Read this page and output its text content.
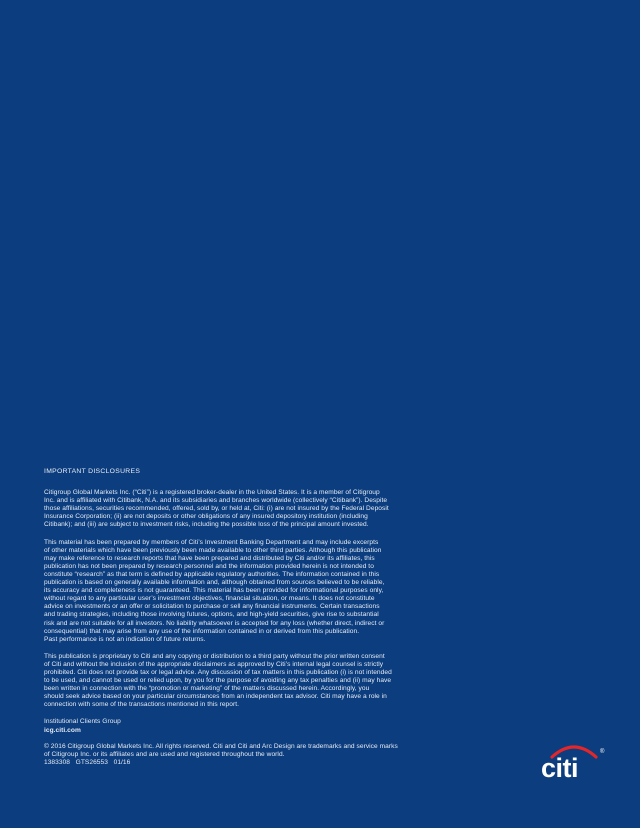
IMPORTANT DISCLOSURES

Citigroup Global Markets Inc. (“Citi”) is a registered broker-dealer in the United States. It is a member of Citigroup
Inc. and is affiliated with Citibank, N.A. and its subsidiaries and branches worldwide (collectively “Citibank”). Despite
those affiliations, securities recommended, offered, sold by, or held at, Citi: (i) are not insured by the Federal Deposit
Insurance Corporation; (ii) are not deposits or other obligations of any insured depository institution (including
Citibank); and (iii) are subject to investment risks, including the possible loss of the principal amount invested.

This material has been prepared by members of Citi’s Investment Banking Department and may include excerpts
of other materials which have been previously been made available to other third parties. Although this publication
may make reference to research reports that have been prepared and distributed by Citi and/or its affiliates, this
publication has not been prepared by research personnel and the information provided herein is not intended to
constitute “research” as that term is defined by applicable regulatory authorities. The information contained in this
publication is based on generally available information and, although obtained from sources believed to be reliable,
its accuracy and completeness is not guaranteed. This material has been provided for informational purposes only,
without regard to any particular user’s investment objectives, financial situation, or means. It does not constitute
advice on investments or an offer or solicitation to purchase or sell any financial instruments. Certain transactions
and trading strategies, including those involving futures, options, and high-yield securities, give rise to substantial
risk and are not suitable for all investors. No liability whatsoever is accepted for any loss (whether direct, indirect or
consequential) that may arise from any use of the information contained in or derived from this publication.
Past performance is not an indication of future returns.

This publication is proprietary to Citi and any copying or distribution to a third party without the prior written consent
of Citi and without the inclusion of the appropriate disclaimers as approved by Citi’s internal legal counsel is strictly
prohibited. Citi does not provide tax or legal advice. Any discussion of tax matters in this publication (i) is not intended
to be used, and cannot be used or relied upon, by you for the purpose of avoiding any tax penalties and (ii) may have
been written in connection with the “promotion or marketing” of the matters discussed herein. Accordingly, you
should seek advice based on your particular circumstances from an independent tax advisor. Citi may have a role in
connection with some of the transactions mentioned in this report.

Institutional Clients Group

icg.citi.com

© 2016 Citigroup Global Markets Inc. All rights reserved. Citi and Citi and Arc Design are trademarks and service marks
of Citigroup Inc. or its affiliates and are used and registered throughout the world.

1383308   GTS26553   01/16	citi
®
